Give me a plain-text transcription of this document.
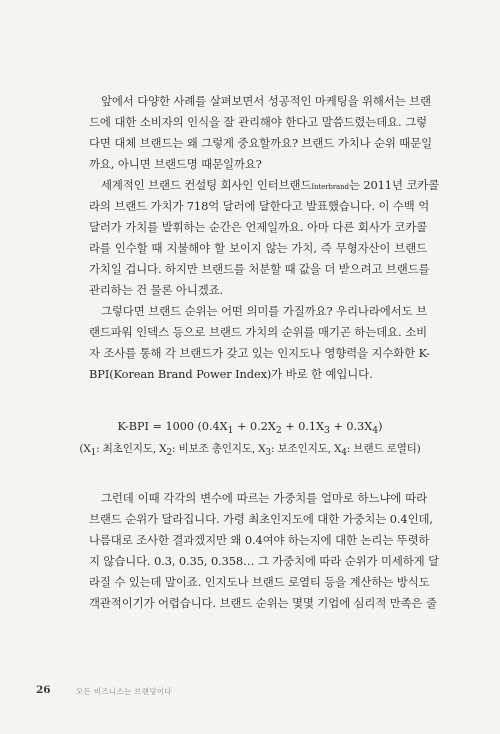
앞에서 다양한 사례를 살펴보면서 성공적인 마케팅을 위해서는 브랜
드에 대한 소비자의 인식을 잘 관리해야 한다고 말씀드렸는데요. 그렇
다면 대체 브랜드는 왜 그렇게 중요할까요? 브랜드 가치나 순위 때문일
까요, 아니면 브랜드명 때문일까요?
세계적인 브랜드 컨설팅 회사인 인터브랜드Interbrand는 2011년 코카콜
라의 브랜드 가치가 718억 달러에 달한다고 발표했습니다. 이 수백 억
달러가 가치를 발휘하는 순간은 언제일까요. 아마 다른 회사가 코카콜
라를 인수할 때 지불해야 할 보이지 않는 가치, 즉 무형자산이 브랜드
가치일 겁니다. 하지만 브랜드를 처분할 때 값을 더 받으려고 브랜드를
관리하는 건 물론 아니겠죠.
그렇다면 브랜드 순위는 어떤 의미를 가질까요? 우리나라에서도 브
랜드파워 인덱스 등으로 브랜드 가치의 순위를 매기곤 하는데요. 소비
자 조사를 통해 각 브랜드가 갖고 있는 인지도나 영향력을 지수화한 K-
BPI(Korean Brand Power Index)가 바로 한 예입니다.
K-BPI = 1000 $(0.4X_1 + 0.2X_2 + 0.1X_3 + 0.3X_4)$
($X_1$: 최초인지도, $X_2$: 비보조 총인지도, $X_3$: 보조인지도, $X_4$: 브랜드 로열티)
그런데 이때 각각의 변수에 따르는 가중치를 얼마로 하느냐에 따라
브랜드 순위가 달라집니다. 가령 최초인지도에 대한 가중치는 0.4인데,
나름대로 조사한 결과겠지만 왜 0.4여야 하는지에 대한 논리는 뚜렷하
지 않습니다. 0.3, 0.35, 0.358… 그 가중치에 따라 순위가 미세하게 달
라질 수 있는데 말이죠. 인지도나 브랜드 로열티 등을 계산하는 방식도
객관적이기가 어렵습니다. 브랜드 순위는 몇몇 기업에 심리적 만족은 줄
26	모든 비즈니스는 브랜딩이다
